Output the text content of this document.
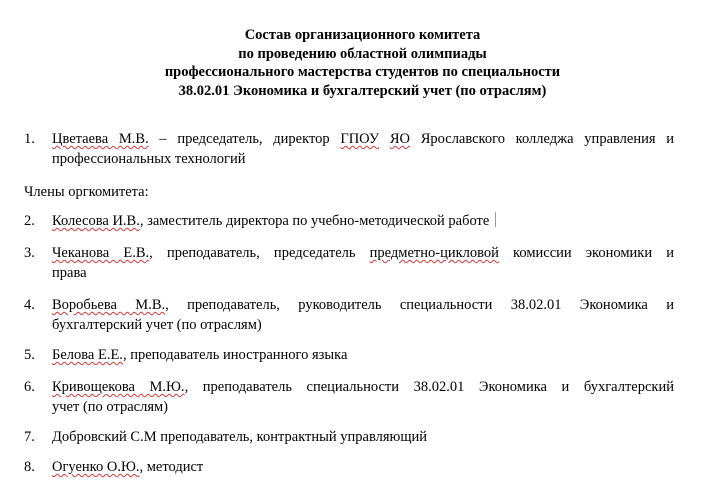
Состав организационного комитета
по проведению областной олимпиады
профессионального мастерства студентов по специальности
38.02.01 Экономика и бухгалтерский учет (по отраслям)
1.	Цветаева М.В. – председатель, директор ГПОУ ЯО Ярославского колледжа управления и
профессиональных технологий
Члены оргкомитета:
2.	Колесова И.В., заместитель директора по учебно-методической работе
3.	Чеканова Е.В., преподаватель, председатель предметно-цикловой комиссии экономики и
права
4.	Воробьева М.В., преподаватель, руководитель специальности 38.02.01 Экономика и
бухгалтерский учет (по отраслям)
5.	Белова Е.Е., преподаватель иностранного языка
6.	Кривощекова М.Ю., преподаватель специальности 38.02.01 Экономика и бухгалтерский
учет (по отраслям)
7.	Добровский С.М преподаватель, контрактный управляющий
8.	Огуенко О.Ю., методист
